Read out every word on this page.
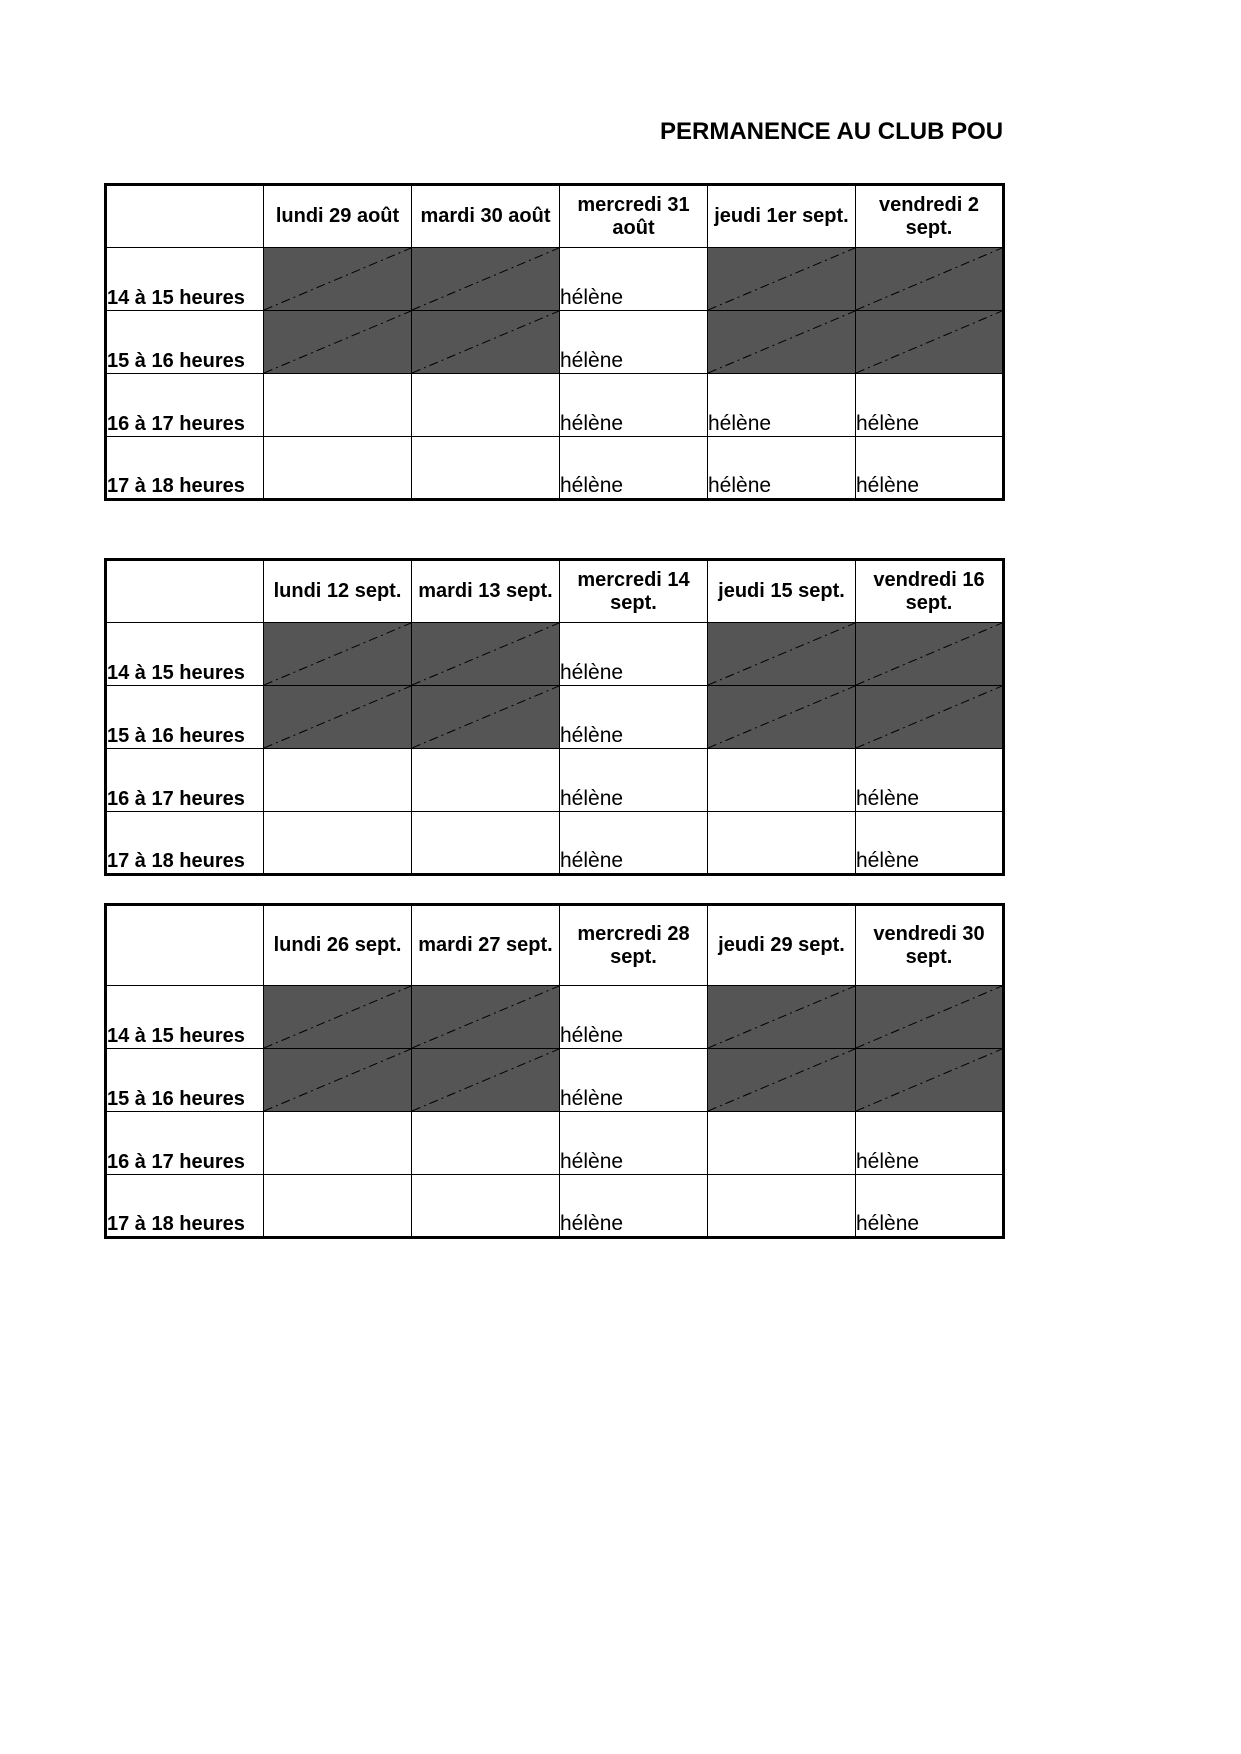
PERMANENCE AU CLUB POU
	lundi 29 août	mardi 30 août	mercredi 31 août	jeudi 1er sept.	vendredi 2 sept.
14 à 15 heures			hélène	

15 à 16 heures			hélène	

16 à 17 heures			hélène	hélène	hélène
17 à 18 heures			hélène	hélène	hélène
	lundi 12 sept.	mardi 13 sept.	mercredi 14 sept.	jeudi 15 sept.	vendredi 16 sept.
14 à 15 heures			hélène	

15 à 16 heures			hélène	

16 à 17 heures			hélène		hélène
17 à 18 heures			hélène		hélène
	lundi 26 sept.	mardi 27 sept.	mercredi 28 sept.	jeudi 29 sept.	vendredi 30 sept.
14 à 15 heures			hélène	

15 à 16 heures			hélène	

16 à 17 heures			hélène		hélène
17 à 18 heures			hélène		hélène
